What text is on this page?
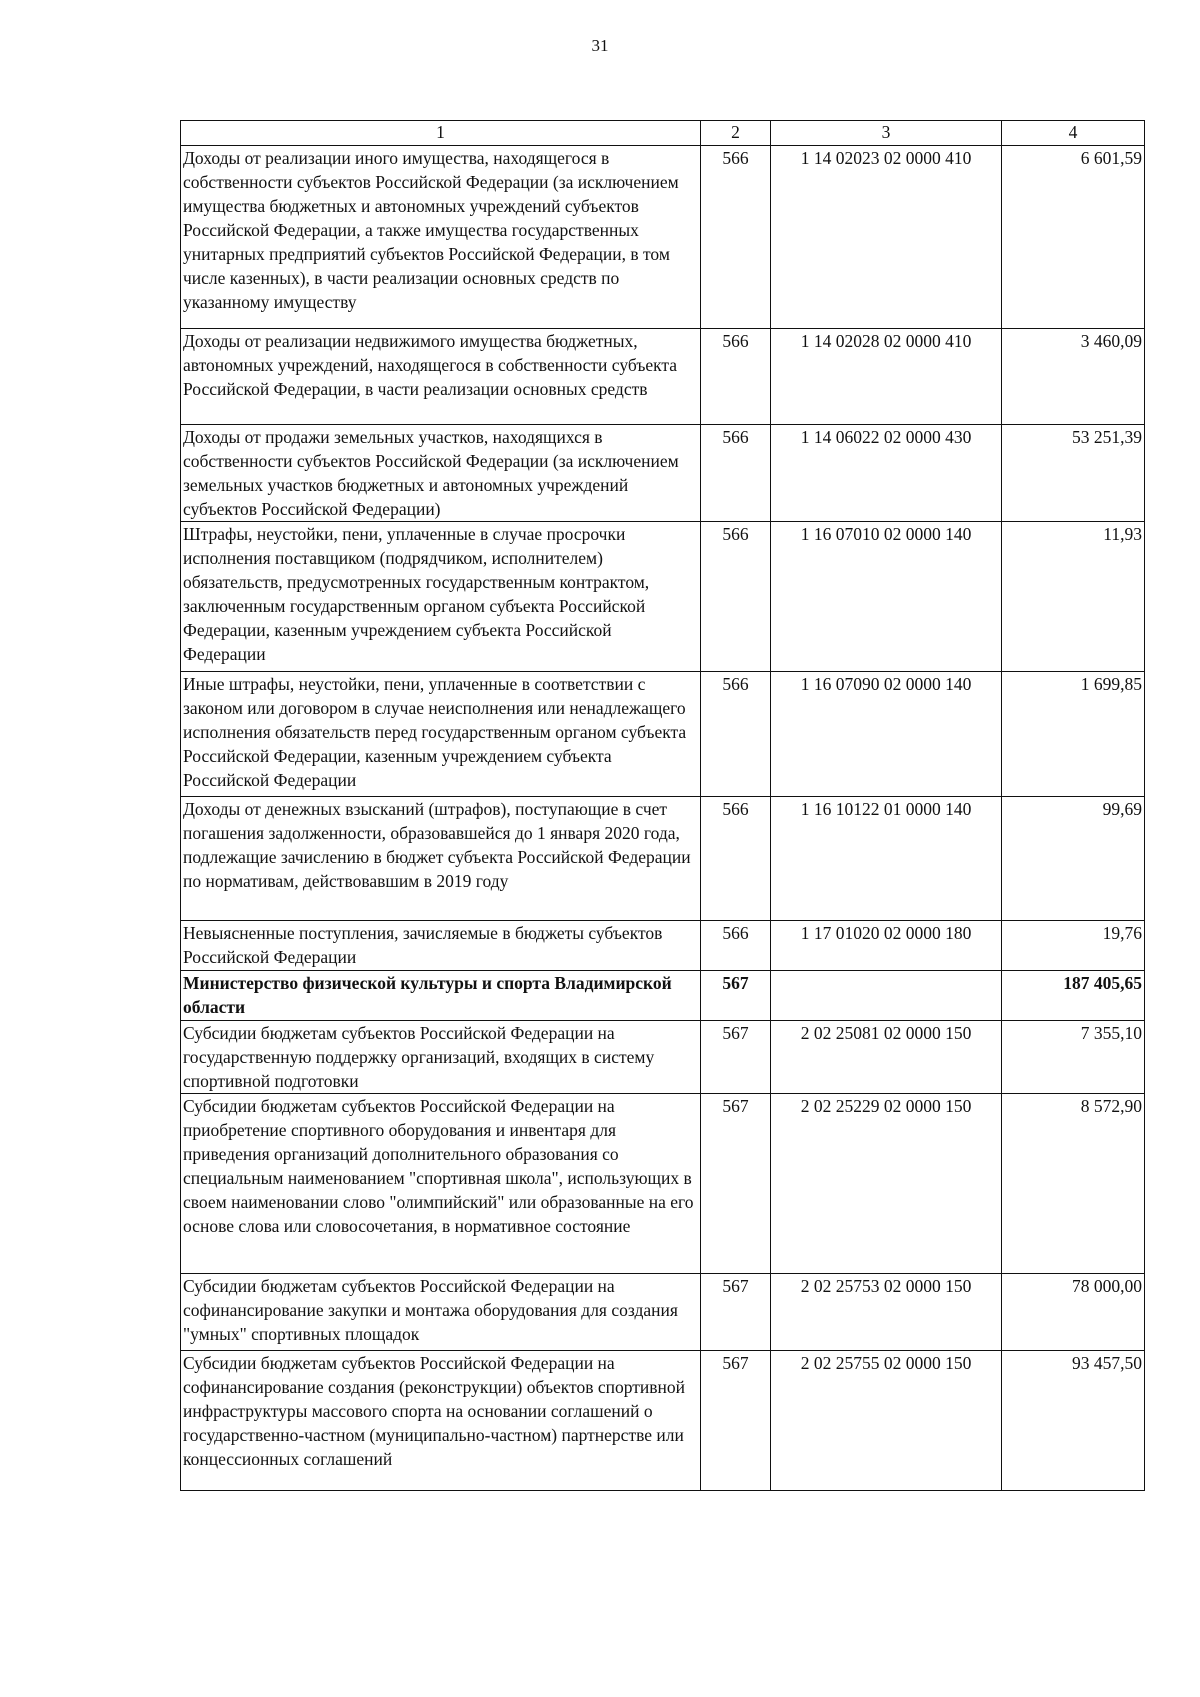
31
1	2	3	4
Доходы от реализации иного имущества, находящегося в собственности субъектов Российской Федерации (за исключением имущества бюджетных и автономных учреждений субъектов Российской Федерации, а также имущества государственных унитарных предприятий субъектов Российской Федерации, в том числе казенных), в части реализации основных средств по указанному имуществу	566	1 14 02023 02 0000 410	6 601,59
Доходы от реализации недвижимого имущества бюджетных, автономных учреждений, находящегося в собственности субъекта Российской Федерации, в части реализации основных средств	566	1 14 02028 02 0000 410	3 460,09
Доходы от продажи земельных участков, находящихся в собственности субъектов Российской Федерации (за исключением земельных участков бюджетных и автономных учреждений субъектов Российской Федерации)	566	1 14 06022 02 0000 430	53 251,39
Штрафы, неустойки, пени, уплаченные в случае просрочки исполнения поставщиком (подрядчиком, исполнителем) обязательств, предусмотренных государственным контрактом, заключенным государственным органом субъекта Российской Федерации, казенным учреждением субъекта Российской Федерации	566	1 16 07010 02 0000 140	11,93
Иные штрафы, неустойки, пени, уплаченные в соответствии с законом или договором в случае неисполнения или ненадлежащего исполнения обязательств перед государственным органом субъекта Российской Федерации, казенным учреждением субъекта Российской Федерации	566	1 16 07090 02 0000 140	1 699,85
Доходы от денежных взысканий (штрафов), поступающие в счет погашения задолженности, образовавшейся до 1 января 2020 года, подлежащие зачислению в бюджет субъекта Российской Федерации по нормативам, действовавшим в 2019 году	566	1 16 10122 01 0000 140	99,69
Невыясненные поступления, зачисляемые в бюджеты субъектов Российской Федерации	566	1 17 01020 02 0000 180	19,76
Министерство физической культуры и спорта Владимирской области	567		187 405,65
Субсидии бюджетам субъектов Российской Федерации на государственную поддержку организаций, входящих в систему спортивной подготовки	567	2 02 25081 02 0000 150	7 355,10
Субсидии бюджетам субъектов Российской Федерации на приобретение спортивного оборудования и инвентаря для приведения организаций дополнительного образования со специальным наименованием "спортивная школа", использующих в своем наименовании слово "олимпийский" или образованные на его основе слова или словосочетания, в нормативное состояние	567	2 02 25229 02 0000 150	8 572,90
Субсидии бюджетам субъектов Российской Федерации на софинансирование закупки и монтажа оборудования для создания "умных" спортивных площадок	567	2 02 25753 02 0000 150	78 000,00
Субсидии бюджетам субъектов Российской Федерации на софинансирование создания (реконструкции) объектов спортивной инфраструктуры массового спорта на основании соглашений о государственно-частном (муниципально-частном) партнерстве или концессионных соглашений	567	2 02 25755 02 0000 150	93 457,50
